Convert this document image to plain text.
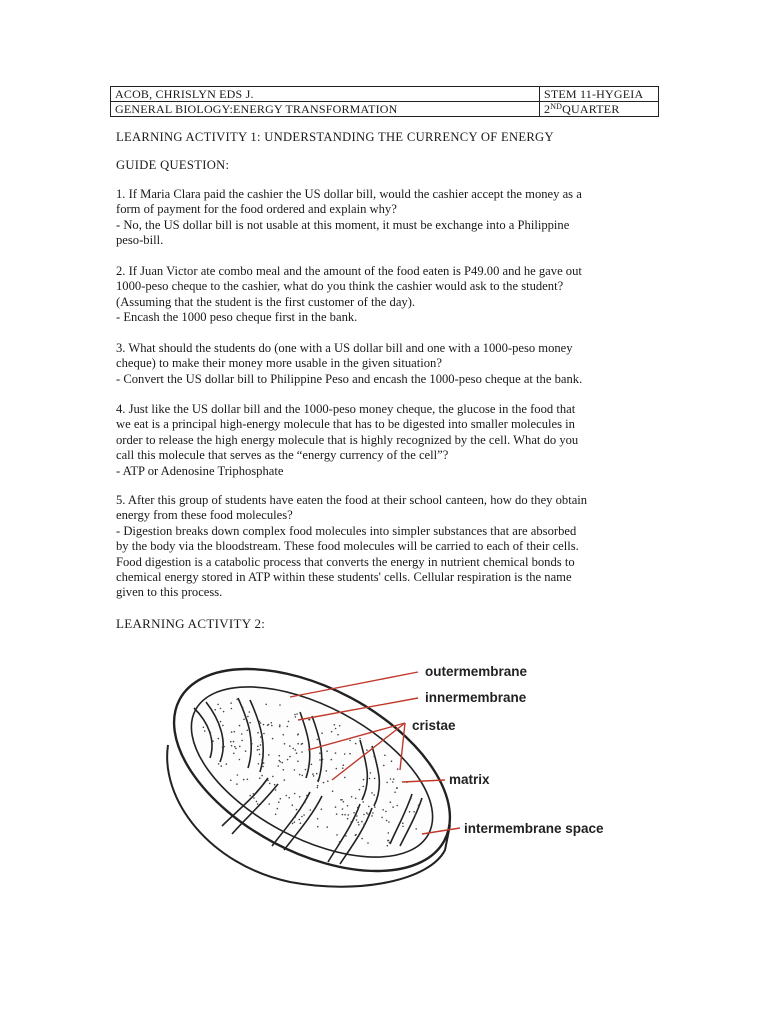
ACOB, CHRISLYN EDS J.	STEM 11-HYGEIA
GENERAL BIOLOGY:ENERGY TRANSFORMATION	2NDQUARTER
LEARNING ACTIVITY 1: UNDERSTANDING THE CURRENCY OF ENERGY
GUIDE QUESTION:

1. If Maria Clara paid the cashier the US dollar bill, would the cashier accept the money as a

form of payment for the food ordered and explain why?

- No, the US dollar bill is not usable at this moment, it must be exchange into a Philippine

peso-bill.

2. If Juan Victor ate combo meal and the amount of the food eaten is P49.00 and he gave out

1000-peso cheque to the cashier, what do you think the cashier would ask to the student?

(Assuming that the student is the first customer of the day).

- Encash the 1000 peso cheque first in the bank.

3. What should the students do (one with a US dollar bill and one with a 1000-peso money

cheque) to make their money more usable in the given situation?

- Convert the US dollar bill to Philippine Peso and encash the 1000-peso cheque at the bank.

4. Just like the US dollar bill and the 1000-peso money cheque, the glucose in the food that

we eat is a principal high-energy molecule that has to be digested into smaller molecules in

order to release the high energy molecule that is highly recognized by the cell. What do you

call this molecule that serves as the “energy currency of the cell”?

- ATP or Adenosine Triphosphate

5. After this group of students have eaten the food at their school canteen, how do they obtain

energy from these food molecules?

- Digestion breaks down complex food molecules into simpler substances that are absorbed

by the body via the bloodstream. These food molecules will be carried to each of their cells.

Food digestion is a catabolic process that converts the energy in nutrient chemical bonds to

chemical energy stored in ATP within these students' cells. Cellular respiration is the name

given to this process.

LEARNING ACTIVITY 2:
outermembrane
innermembrane
cristae
matrix
intermembrane space
